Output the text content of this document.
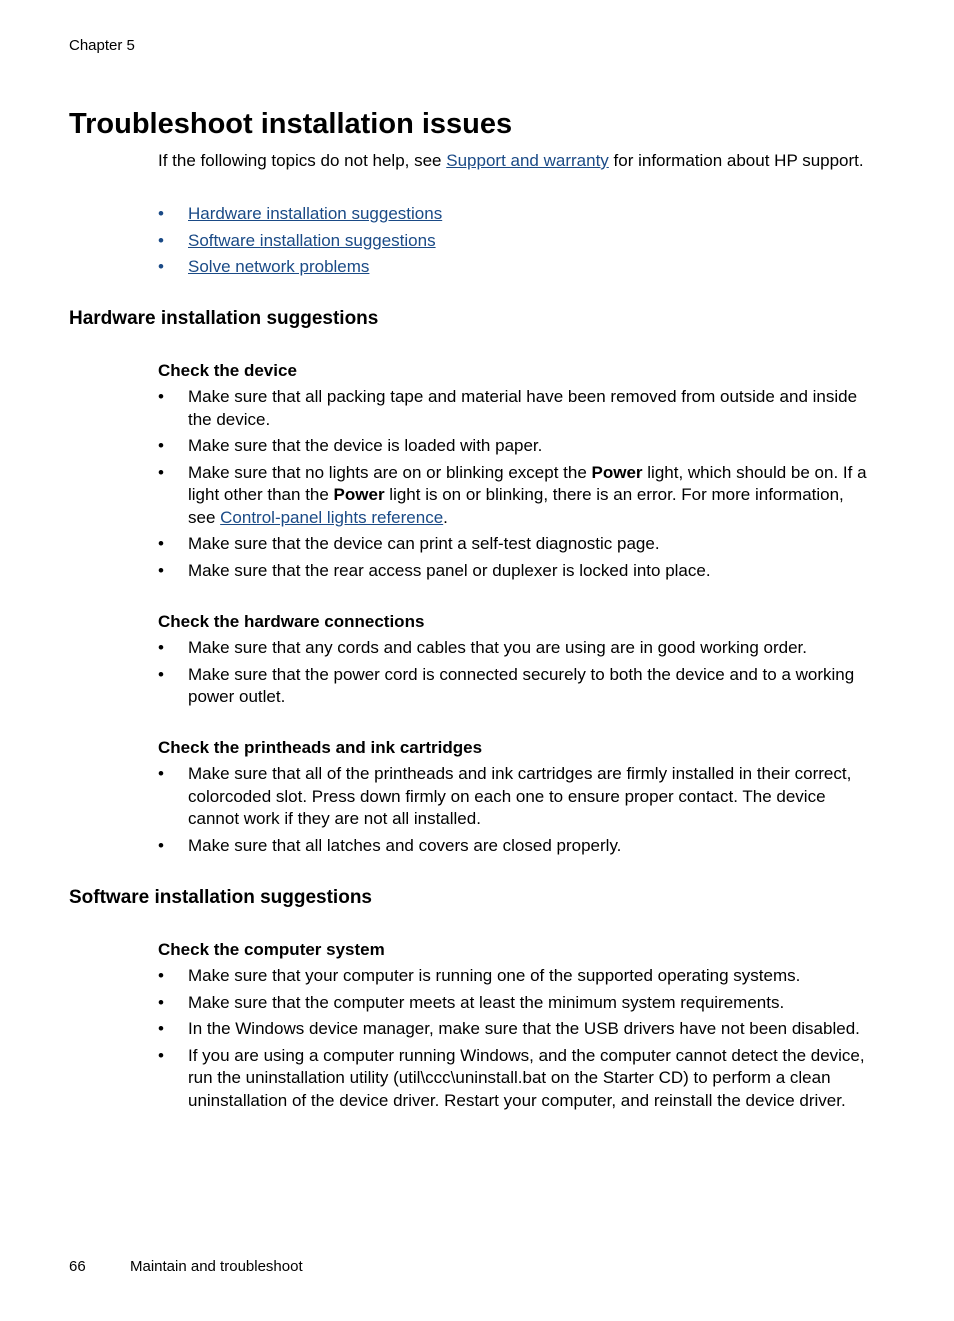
Chapter 5
Troubleshoot installation issues

If the following topics do not help, see Support and warranty for information about HP support.

• Hardware installation suggestions
• Software installation suggestions
• Solve network problems
Hardware installation suggestions
Check the device
• Make sure that all packing tape and material have been removed from outside and inside the device.
• Make sure that the device is loaded with paper.
• Make sure that no lights are on or blinking except the Power light, which should be on. If a light other than the Power light is on or blinking, there is an error. For more information, see Control-panel lights reference.
• Make sure that the device can print a self-test diagnostic page.
• Make sure that the rear access panel or duplexer is locked into place.
Check the hardware connections
• Make sure that any cords and cables that you are using are in good working order.
• Make sure that the power cord is connected securely to both the device and to a working power outlet.
Check the printheads and ink cartridges
• Make sure that all of the printheads and ink cartridges are firmly installed in their correct, colorcoded slot. Press down firmly on each one to ensure proper contact. The device cannot work if they are not all installed.
• Make sure that all latches and covers are closed properly.
Software installation suggestions
Check the computer system
• Make sure that your computer is running one of the supported operating systems.
• Make sure that the computer meets at least the minimum system requirements.
• In the Windows device manager, make sure that the USB drivers have not been disabled.
• If you are using a computer running Windows, and the computer cannot detect the device, run the uninstallation utility (util\ccc\uninstall.bat on the Starter CD) to perform a clean uninstallation of the device driver. Restart your computer, and reinstall the device driver.
66	Maintain and troubleshoot
